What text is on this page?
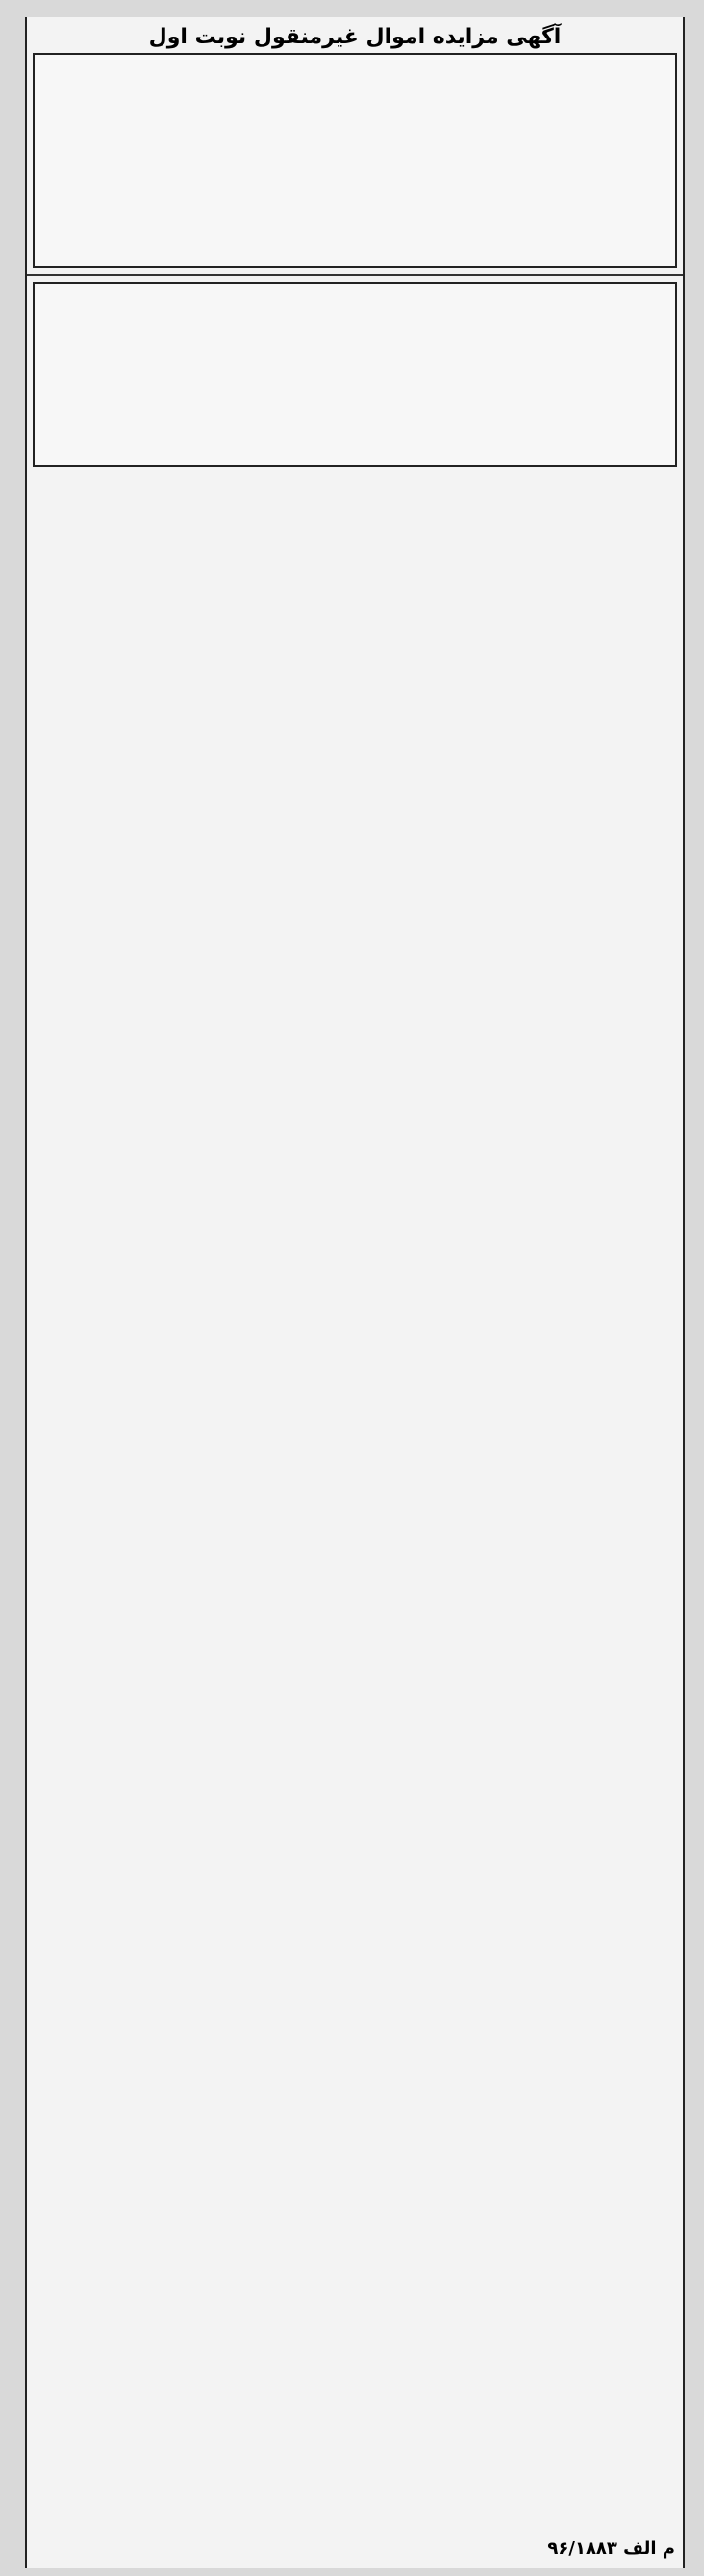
آگهی مزایده اموال غیرمنقول نوبت اول
م الف ۹۶/۱۸۸۳
